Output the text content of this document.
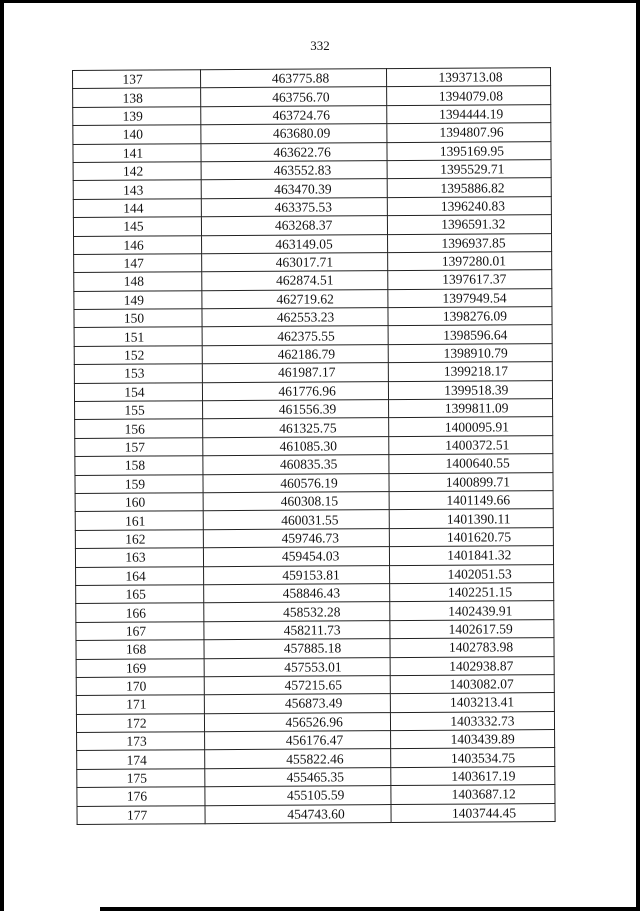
332
137	463775.88	1393713.08
138	463756.70	1394079.08
139	463724.76	1394444.19
140	463680.09	1394807.96
141	463622.76	1395169.95
142	463552.83	1395529.71
143	463470.39	1395886.82
144	463375.53	1396240.83
145	463268.37	1396591.32
146	463149.05	1396937.85
147	463017.71	1397280.01
148	462874.51	1397617.37
149	462719.62	1397949.54
150	462553.23	1398276.09
151	462375.55	1398596.64
152	462186.79	1398910.79
153	461987.17	1399218.17
154	461776.96	1399518.39
155	461556.39	1399811.09
156	461325.75	1400095.91
157	461085.30	1400372.51
158	460835.35	1400640.55
159	460576.19	1400899.71
160	460308.15	1401149.66
161	460031.55	1401390.11
162	459746.73	1401620.75
163	459454.03	1401841.32
164	459153.81	1402051.53
165	458846.43	1402251.15
166	458532.28	1402439.91
167	458211.73	1402617.59
168	457885.18	1402783.98
169	457553.01	1402938.87
170	457215.65	1403082.07
171	456873.49	1403213.41
172	456526.96	1403332.73
173	456176.47	1403439.89
174	455822.46	1403534.75
175	455465.35	1403617.19
176	455105.59	1403687.12
177	454743.60	1403744.45
